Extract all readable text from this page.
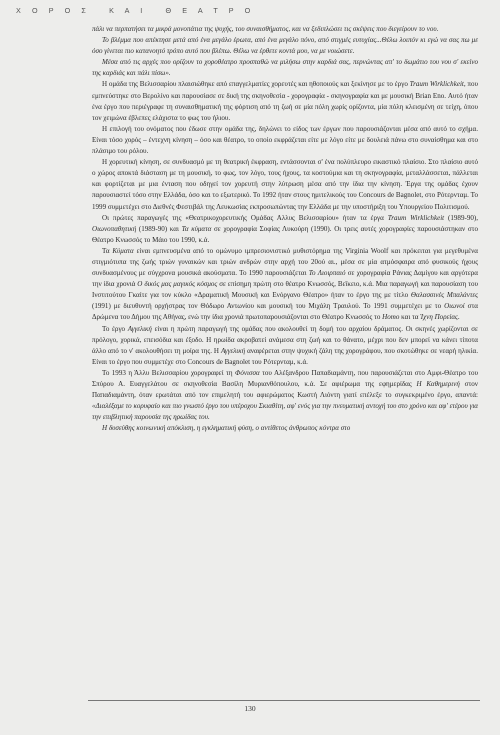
Χ Ο Ρ Ο Σ	Κ Α Ι	Θ Ε Α Τ Ρ Ο

πάλι να περπατήσει τα μικρά μονοπάτια της ψυχής, του συναισθήματος, και να ξεδιπλώσει τις σκέψεις που διεγείρουν το νου.

Το βλέμμα που απέκτησε μετά από ένα μεγάλο έρωτα, από ένα μεγάλο πόνο, από στιγμές ευτυχίας...Θέλω λοιπόν κι εγώ να σας πω με όσο γίνεται πιο κατανοητό τρόπο αυτό που βλέπω. Θέλω να έρθετε κοντά μου, να με νοιώσετε.

Μέσα από τις αρχές που ορίζουν το χοροθέατρο προσπαθώ να μιλήσω στην καρδιά σας, περνώντας απ' το δωμάτιο του νου σ' εκείνο της καρδιάς και πάλι πίσω».

Η ομάδα της Βελισσαρίου πλαισιώθηκε από επαγγελματίες χορευτές και ηθοποιούς και ξεκίνησε με το έργο Traum Wirklichkeit, που εμπνεύστηκε στο Βερολίνο και παρουσίασε σε δική της σκηνοθεσία - χορογραφία - σκηνογραφία και με μουσική Brian Eno. Αυτό ήταν ένα έργο που περιέγραφε τη συναισθηματική της φόρτιση από τη ζωή σε μία πόλη χωρίς ορίζοντα, μία πόλη κλεισμένη σε τείχη, όπου τον χειμώνα έβλεπες ελάχιστα το φως του ήλιου.

Η επιλογή του ονόματος που έδωσε στην ομάδα της, δηλώνει το είδος των έργων που παρουσιάζονται μέσα από αυτό το σχήμα. Είναι τόσο χορός – έντεχνη κίνηση – όσο και θέατρο, το οποίο εκφράζεται είτε με λόγο είτε με δουλειά πάνω στο συναίσθημα και στο πλάσιμο του ρόλου.

Η χορευτική κίνηση, σε συνδυασμό με τη θεατρική έκφραση, εντάσσονται σ' ένα πολύπλευρο εικαστικό πλαίσιο. Στο πλαίσιο αυτό ο χώρος αποκτά διάσταση με τη μουσική, το φως, τον λόγο, τους ήχους, τα κοστούμια και τη σκηνογραφία, μεταλλάσσεται, πάλλεται και φορτίζεται με μια ένταση που οδηγεί τον χορευτή στην λύτρωση μέσα από την ίδια την κίνηση. Έργα της ομάδας έχουν παρουσιαστεί τόσο στην Ελλάδα, όσο και το εξωτερικό. Το 1992 ήταν στους ημιτελικούς του Concours de Bagnolet, στο Ρότερνταμ. Το 1999 συμμετέχει στο Διεθνές Φεστιβάλ της Λευκωσίας εκπροσωπώντας την Ελλάδα με την υποστήριξη του Υπουργείου Πολιτισμού.

Οι πρώτες παραγωγές της «Θεατρικοχορευτικής Ομάδας Αλλυς Βελισσαρίου» ήταν τα έργα Traum Wirklichkeit (1989-90), Οιωνοπαθητική (1989-90) και Τα κύματα σε χορογραφία Σοφίας Λυκούρη (1990). Οι τρεις αυτές χορογραφίες παρουσιάστηκαν στο Θέατρο Κνωσσός το Μάιο του 1990, κ.ά.

Τα Κύματα είναι εμπνευσμένα από το ομώνυμο ιμπρεσιονιστικό μυθιστόρημα της Virginia Woolf και πρόκειται για μεγεθυμένα στιγμιότυπα της ζωής τριών γυναικών και τριών ανδρών στην αρχή του 20ού αι., μέσα σε μία ατμόσφαιρα από φυσικούς ήχους συνδυασμένους με σύγχρονα μουσικά ακούσματα. Το 1990 παρουσιάζεται Το Λιοιρπαιό σε χορογραφία Ράνιας Δαμίγου και αργότερα την ίδια χρονιά Ο δικός μας μαγικός κόσμος σε επίσημη πρώτη στο θέατρο Κνωσσός, Βεΐκειο, κ.ά. Μια παραγωγή και παρουσίαση του Ινστιτούτου Γκαίτε για τον κύκλο «Δραματική Μουσική και Ενόργανο Θέατρο» ήταν το έργο της με τίτλο Θαλασσινές Μπαλάντες (1991) με διευθυντή ορχήστρας τον Θόδωρο Αντωνίου και μουσική του Μιχάλη Τραυλού. Το 1991 συμμετέχει με το Οιωνοί στα Δρώμενα του Δήμου της Αθήνας, ενώ την ίδια χρονιά πρωτοπαρουσιάζονται στο Θέατρο Κνωσσός το Homo και τα Ίχνη Πορείας.

Το έργο Αγγελική είναι η πρώτη παραγωγή της ομάδας που ακολουθεί τη δομή του αρχαίου δράματος. Οι σκηνές χωρίζονται σε πρόλογο, χορικά, επεισόδια και έξοδο. Η ηρωίδα ακροβατεί ανάμεσα στη ζωή και το θάνατο, μέχρι που δεν μπορεί να κάνει τίποτα άλλο από το ν' ακολουθήσει τη μοίρα της. Η Αγγελική αναφέρεται στην ψυχική ζάλη της χορογράφου, που σκοτώθηκε σε νεαρή ηλικία. Είναι το έργο που συμμετέχε στο Concours de Bagnolet του Ρότερνταμ, κ.ά.

Το 1993 η Άλλυ Βελισσαρίου χορογραφεί τη Φόνισσα του Αλέξανδρου Παπαδιαμάντη, που παρουσιάζεται στο Αμφι-Θέατρο του Σπύρου Α. Ευαγγελάτου σε σκηνοθεσία Βασίλη Μυριανθόπουλου, κ.ά. Σε αφιέρωμα της εφημερίδας Η Καθημερινή στον Παπαδιαμάντη, όταν ερωτάται από τον επιμελητή του αφιερώματος Κωστή Λιόντη γιατί επέλεξε το συγκεκριμένο έργο, απαντά: «Διαλέξαμε το κορυφαίο και πιο γνωστό έργο του υπέροχου Σκιαθίτη, αφ' ενός για την πνευματική αντοχή του στο χρόνο και αφ' ετέρου για την επιβλητική παρουσία της ηρωίδας του.

Η δυσεύθης κοινωνική απόκλιση, η εγκληματική φύση, ο αντίθετος άνθρωπος κόντρα στο

130
